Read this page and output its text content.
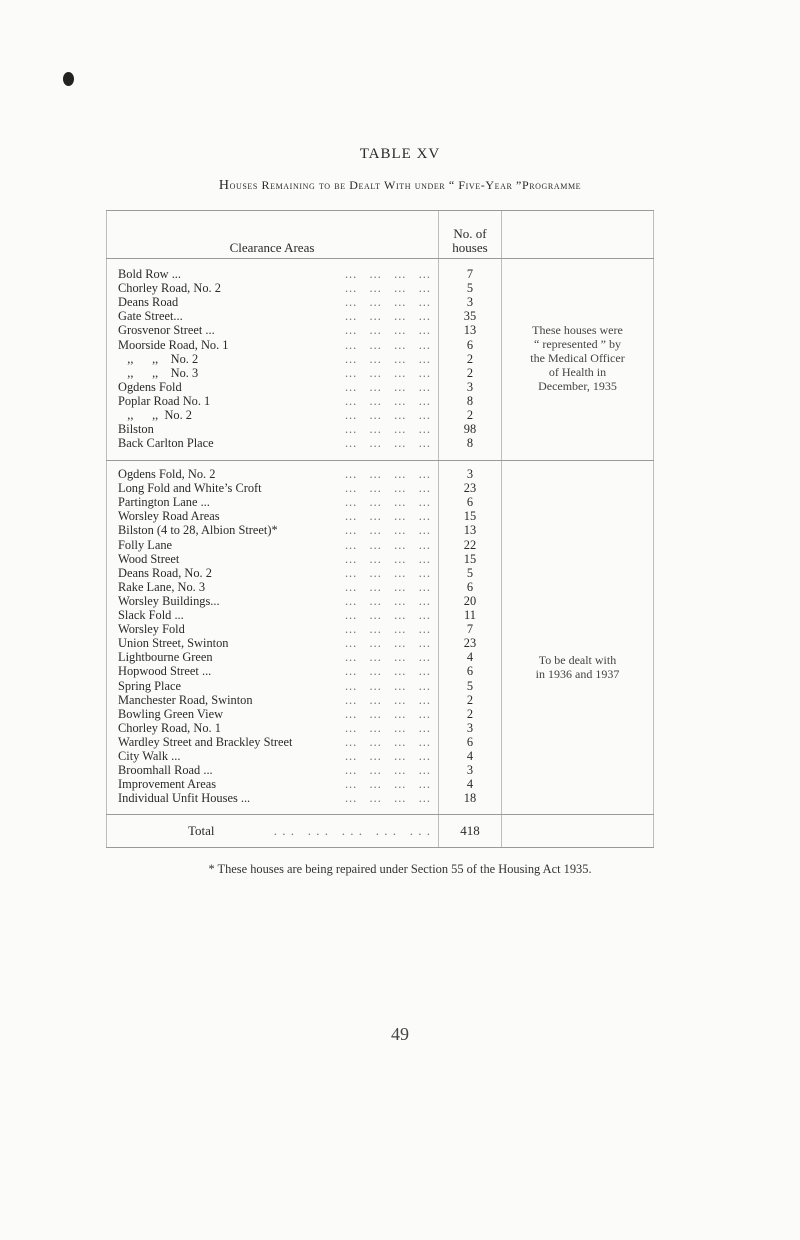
TABLE XV
Houses Remaining to be Dealt With under “ Five-Year ”Programme
Clearance Areas
No. of
houses
Bold Row ...	...   ...   ...   ...	7
Chorley Road, No. 2	...   ...   ...   ...	5
Deans Road	...   ...   ...   ...	3
Gate Street...	...   ...   ...   ...	35
Grosvenor Street ...	...   ...   ...   ...	13
Moorside Road, No. 1	...   ...   ...   ...	6
,,      ,,    No. 2	...   ...   ...   ...	2
,,      ,,    No. 3	...   ...   ...   ...	2
Ogdens Fold	...   ...   ...   ...	3
Poplar Road No. 1	...   ...   ...   ...	8
,,      ,,  No. 2	...   ...   ...   ...	2
Bilston	...   ...   ...   ...	98
Back Carlton Place	...   ...   ...   ...	8
These houses were
“ represented ” by
the Medical Officer
of Health in
December, 1935
Ogdens Fold, No. 2	...   ...   ...   ...	3
Long Fold and White’s Croft	...   ...   ...   ...	23
Partington Lane ...	...   ...   ...   ...	6
Worsley Road Areas	...   ...   ...   ...	15
Bilston (4 to 28, Albion Street)*	...   ...   ...   ...	13
Folly Lane	...   ...   ...   ...	22
Wood Street	...   ...   ...   ...	15
Deans Road, No. 2	...   ...   ...   ...	5
Rake Lane, No. 3	...   ...   ...   ...	6
Worsley Buildings...	...   ...   ...   ...	20
Slack Fold ...	...   ...   ...   ...	11
Worsley Fold	...   ...   ...   ...	7
Union Street, Swinton	...   ...   ...   ...	23
Lightbourne Green	...   ...   ...   ...	4
Hopwood Street ...	...   ...   ...   ...	6
Spring Place	...   ...   ...   ...	5
Manchester Road, Swinton	...   ...   ...   ...	2
Bowling Green View	...   ...   ...   ...	2
Chorley Road, No. 1	...   ...   ...   ...	3
Wardley Street and Brackley Street	...   ...   ...   ...	6
City Walk ...	...   ...   ...   ...	4
Broomhall Road ...	...   ...   ...   ...	3
Improvement Areas	...   ...   ...   ...	4
Individual Unfit Houses ...	...   ...   ...   ...	18
To be dealt with
in 1936 and 1937
Total	. . .   . . .   . . .   . . .   . . .	418
* These houses are being repaired under Section 55 of the Housing Act 1935.
49
